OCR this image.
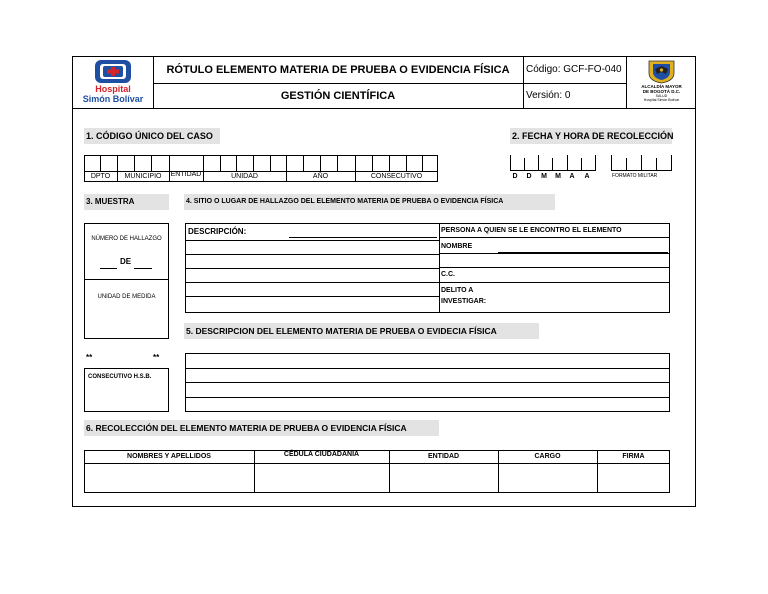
Hospital
Simón Bolívar
RÓTULO ELEMENTO MATERIA DE PRUEBA O EVIDENCIA FÍSICA
GESTIÓN CIENTÍFICA
Código: GCF-FO-040
Versión: 0
ALCALDÍA MAYOR
DE BOGOTÁ D.C.
SALUD
Hospital Simón Bolívar
1. CÓDIGO ÚNICO DEL CASO
DPTO	MUNICIPIO	ENTIDAD	UNIDAD	AÑO	CONSECUTIVO
2. FECHA Y HORA DE RECOLECCIÓN
D	D	M	M	A	A	FORMATO MILITAR
3. MUESTRA
NÚMERO DE HALLAZGO
DE
UNIDAD DE MEDIDA
**	**
CONSECUTIVO H.S.B.
4. SITIO O LUGAR DE HALLAZGO DEL ELEMENTO MATERIA DE PRUEBA O EVIDENCIA FÍSICA
DESCRIPCIÓN:	PERSONA A QUIEN SE LE ENCONTRO EL ELEMENTO
NOMBRE
C.C.
DELITO A
INVESTIGAR:
5. DESCRIPCION DEL ELEMENTO MATERIA DE PRUEBA O EVIDECIA FÍSICA
6. RECOLECCIÓN DEL ELEMENTO MATERIA DE PRUEBA O EVIDENCIA FÍSICA
NOMBRES Y APELLIDOS	CÉDULA CIUDADANIA	ENTIDAD	CARGO	FIRMA
